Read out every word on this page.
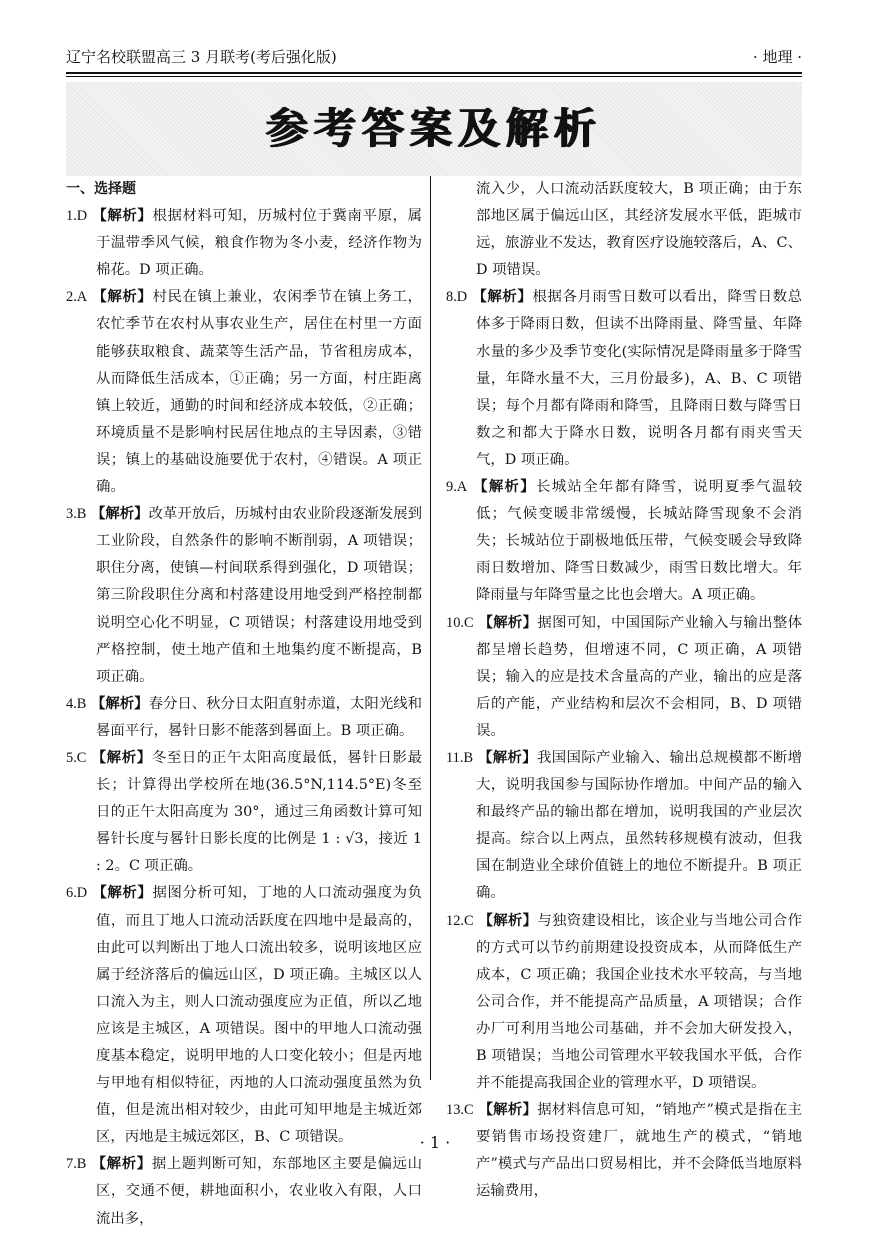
辽宁名校联盟高三 3 月联考(考后强化版)	· 地理 ·
参考答案及解析
一、选择题

1.D 【解析】根据材料可知，历城村位于冀南平原，属于温带季风气候，粮食作物为冬小麦，经济作物为棉花。D 项正确。

2.A 【解析】村民在镇上兼业，农闲季节在镇上务工，农忙季节在农村从事农业生产，居住在村里一方面能够获取粮食、蔬菜等生活产品，节省租房成本，从而降低生活成本，①正确；另一方面，村庄距离镇上较近，通勤的时间和经济成本较低，②正确；环境质量不是影响村民居住地点的主导因素，③错误；镇上的基础设施要优于农村，④错误。A 项正确。

3.B 【解析】改革开放后，历城村由农业阶段逐渐发展到工业阶段，自然条件的影响不断削弱，A 项错误；职住分离，使镇—村间联系得到强化，D 项错误；第三阶段职住分离和村落建设用地受到严格控制都说明空心化不明显，C 项错误；村落建设用地受到严格控制，使土地产值和土地集约度不断提高，B 项正确。

4.B 【解析】春分日、秋分日太阳直射赤道，太阳光线和晷面平行，晷针日影不能落到晷面上。B 项正确。

5.C 【解析】冬至日的正午太阳高度最低，晷针日影最长；计算得出学校所在地(36.5°N,114.5°E)冬至日的正午太阳高度为 30°，通过三角函数计算可知晷针长度与晷针日影长度的比例是 1 : √3，接近 1 : 2。C 项正确。

6.D 【解析】据图分析可知，丁地的人口流动强度为负值，而且丁地人口流动活跃度在四地中是最高的，由此可以判断出丁地人口流出较多，说明该地区应属于经济落后的偏远山区，D 项正确。主城区以人口流入为主，则人口流动强度应为正值，所以乙地应该是主城区，A 项错误。图中的甲地人口流动强度基本稳定，说明甲地的人口变化较小；但是丙地与甲地有相似特征，丙地的人口流动强度虽然为负值，但是流出相对较少，由此可知甲地是主城近郊区，丙地是主城远郊区，B、C 项错误。

7.B 【解析】据上题判断可知，东部地区主要是偏远山区，交通不便，耕地面积小，农业收入有限，人口流出多，

流入少，人口流动活跃度较大，B 项正确；由于东部地区属于偏远山区，其经济发展水平低，距城市远，旅游业不发达，教育医疗设施较落后，A、C、D 项错误。

8.D 【解析】根据各月雨雪日数可以看出，降雪日数总体多于降雨日数，但读不出降雨量、降雪量、年降水量的多少及季节变化(实际情况是降雨量多于降雪量，年降水量不大，三月份最多)，A、B、C 项错误；每个月都有降雨和降雪，且降雨日数与降雪日数之和都大于降水日数，说明各月都有雨夹雪天气，D 项正确。

9.A 【解析】长城站全年都有降雪，说明夏季气温较低；气候变暖非常缓慢，长城站降雪现象不会消失；长城站位于副极地低压带，气候变暖会导致降雨日数增加、降雪日数减少，雨雪日数比增大。年降雨量与年降雪量之比也会增大。A 项正确。

10.C 【解析】据图可知，中国国际产业输入与输出整体都呈增长趋势，但增速不同，C 项正确，A 项错误；输入的应是技术含量高的产业，输出的应是落后的产能，产业结构和层次不会相同，B、D 项错误。

11.B 【解析】我国国际产业输入、输出总规模都不断增大，说明我国参与国际协作增加。中间产品的输入和最终产品的输出都在增加，说明我国的产业层次提高。综合以上两点，虽然转移规模有波动，但我国在制造业全球价值链上的地位不断提升。B 项正确。

12.C 【解析】与独资建设相比，该企业与当地公司合作的方式可以节约前期建设投资成本，从而降低生产成本，C 项正确；我国企业技术水平较高，与当地公司合作，并不能提高产品质量，A 项错误；合作办厂可利用当地公司基础，并不会加大研发投入，B 项错误；当地公司管理水平较我国水平低，合作并不能提高我国企业的管理水平，D 项错误。

13.C 【解析】据材料信息可知，“销地产”模式是指在主要销售市场投资建厂，就地生产的模式，“销地产”模式与产品出口贸易相比，并不会降低当地原料运输费用，

· 1 ·
